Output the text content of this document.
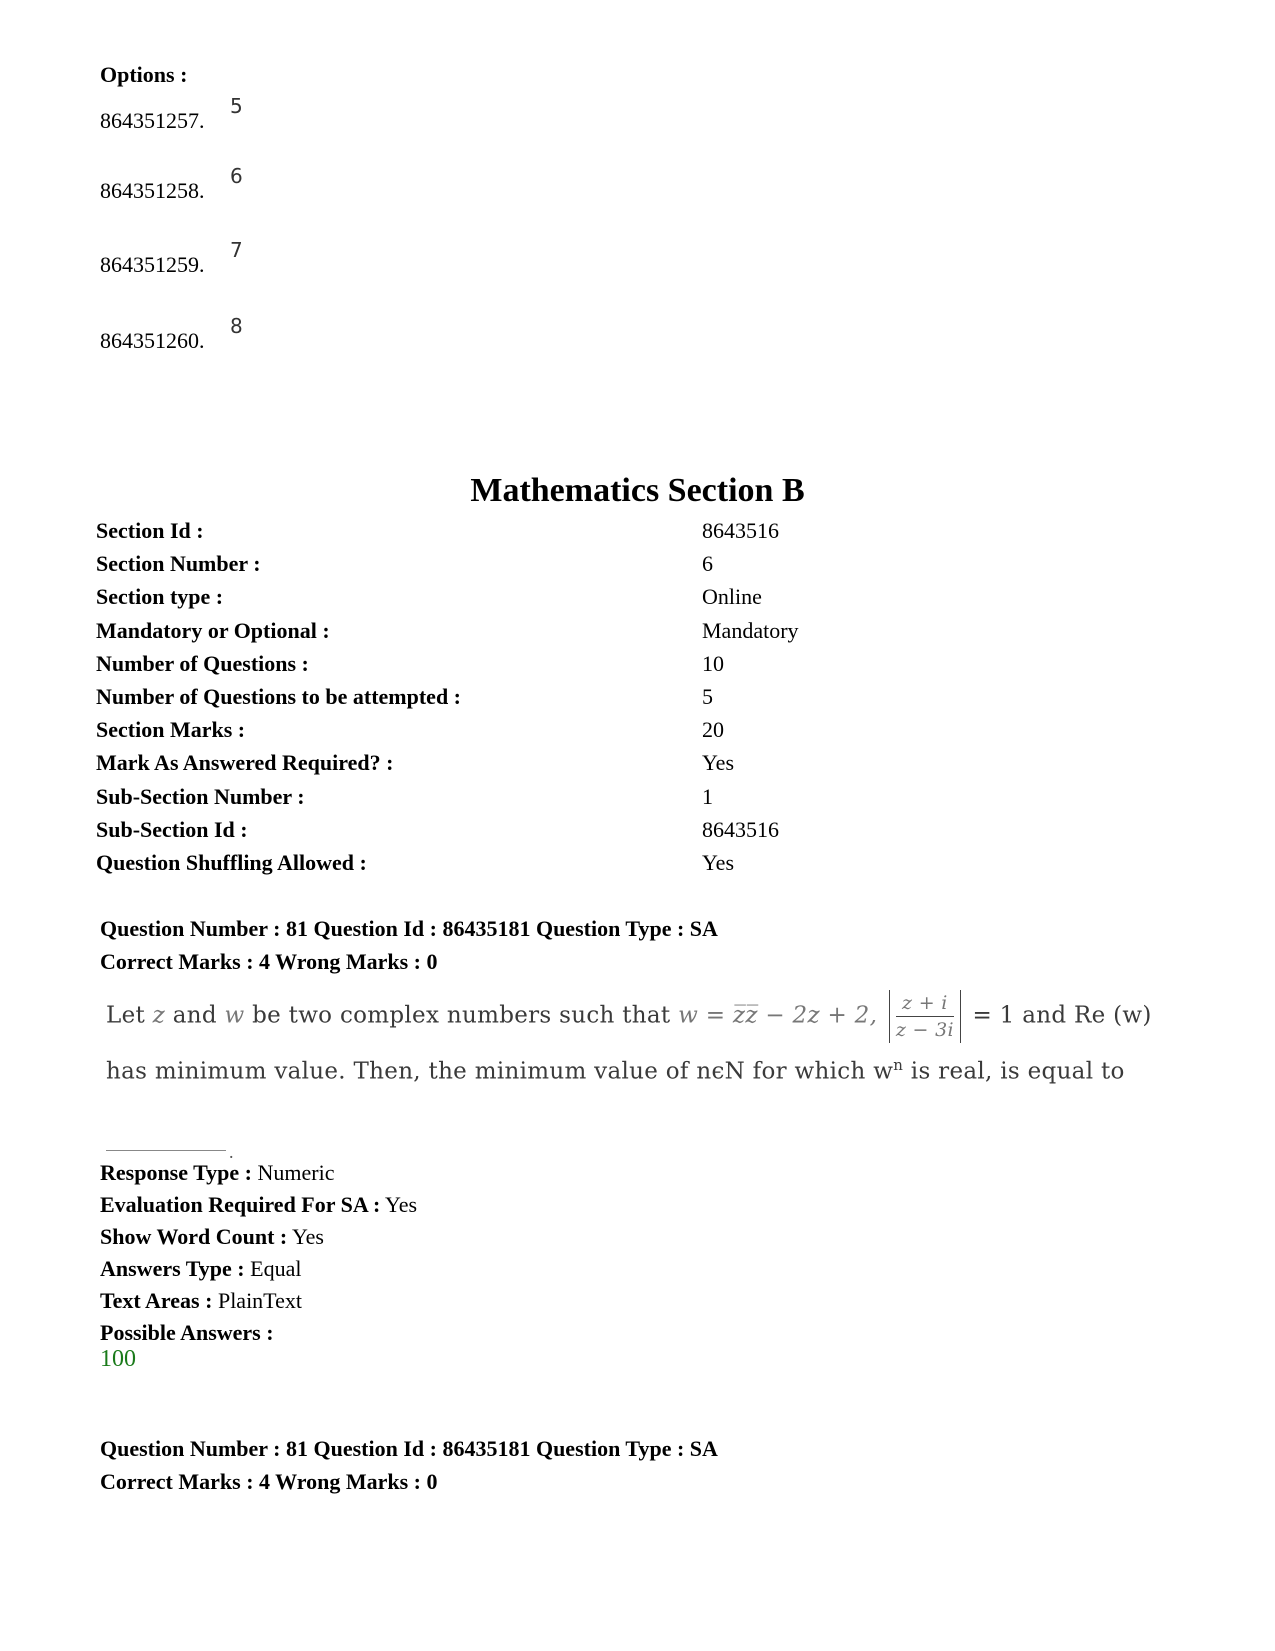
Options :
864351257.
5
864351258.
6
864351259.
7
864351260.
8
Mathematics Section B
Section Id :	8643516
Section Number :	6
Section type :	Online
Mandatory or Optional :	Mandatory
Number of Questions :	10
Number of Questions to be attempted :	5
Section Marks :	20
Mark As Answered Required? :	Yes
Sub-Section Number :	1
Sub-Section Id :	8643516
Question Shuffling Allowed :	Yes
Question Number : 81 Question Id : 86435181 Question Type : SA
Correct Marks : 4 Wrong Marks : 0
Let z and w be two complex numbers such that w = z̅z̅ − 2z + 2, $\frac{z + i}{z - 3i} = 1$ and Re (w)
has minimum value. Then, the minimum value of nϵN for which $w^n$ is real, is equal to
.
Response Type : Numeric
Evaluation Required For SA : Yes
Show Word Count : Yes
Answers Type : Equal
Text Areas : PlainText
Possible Answers :
100
Question Number : 81 Question Id : 86435181 Question Type : SA
Correct Marks : 4 Wrong Marks : 0
